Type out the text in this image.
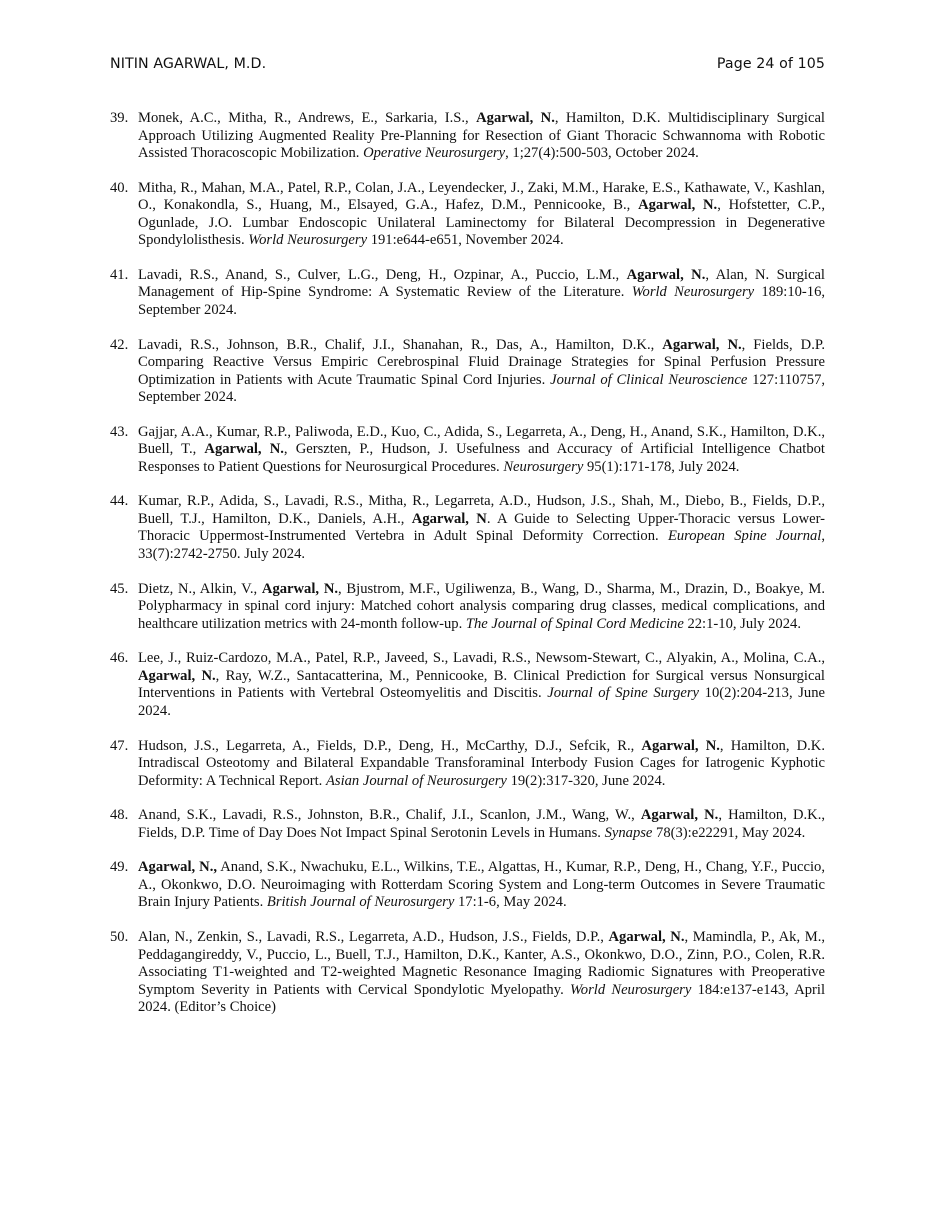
NITIN AGARWAL, M.D.	Page 24 of 105
39. Monek, A.C., Mitha, R., Andrews, E., Sarkaria, I.S., Agarwal, N., Hamilton, D.K. Multidisciplinary Surgical Approach Utilizing Augmented Reality Pre-Planning for Resection of Giant Thoracic Schwannoma with Robotic Assisted Thoracoscopic Mobilization. Operative Neurosurgery, 1;27(4):500-503, October 2024.
40. Mitha, R., Mahan, M.A., Patel, R.P., Colan, J.A., Leyendecker, J., Zaki, M.M., Harake, E.S., Kathawate, V., Kashlan, O., Konakondla, S., Huang, M., Elsayed, G.A., Hafez, D.M., Pennicooke, B., Agarwal, N., Hofstetter, C.P., Ogunlade, J.O. Lumbar Endoscopic Unilateral Laminectomy for Bilateral Decompression in Degenerative Spondylolisthesis. World Neurosurgery 191:e644-e651, November 2024.
41. Lavadi, R.S., Anand, S., Culver, L.G., Deng, H., Ozpinar, A., Puccio, L.M., Agarwal, N., Alan, N. Surgical Management of Hip-Spine Syndrome: A Systematic Review of the Literature. World Neurosurgery 189:10-16, September 2024.
42. Lavadi, R.S., Johnson, B.R., Chalif, J.I., Shanahan, R., Das, A., Hamilton, D.K., Agarwal, N., Fields, D.P. Comparing Reactive Versus Empiric Cerebrospinal Fluid Drainage Strategies for Spinal Perfusion Pressure Optimization in Patients with Acute Traumatic Spinal Cord Injuries. Journal of Clinical Neuroscience 127:110757, September 2024.
43. Gajjar, A.A., Kumar, R.P., Paliwoda, E.D., Kuo, C., Adida, S., Legarreta, A., Deng, H., Anand, S.K., Hamilton, D.K., Buell, T., Agarwal, N., Gerszten, P., Hudson, J. Usefulness and Accuracy of Artificial Intelligence Chatbot Responses to Patient Questions for Neurosurgical Procedures. Neurosurgery 95(1):171-178, July 2024.
44. Kumar, R.P., Adida, S., Lavadi, R.S., Mitha, R., Legarreta, A.D., Hudson, J.S., Shah, M., Diebo, B., Fields, D.P., Buell, T.J., Hamilton, D.K., Daniels, A.H., Agarwal, N. A Guide to Selecting Upper-Thoracic versus Lower-Thoracic Uppermost-Instrumented Vertebra in Adult Spinal Deformity Correction. European Spine Journal, 33(7):2742-2750. July 2024.
45. Dietz, N., Alkin, V., Agarwal, N., Bjustrom, M.F., Ugiliwenza, B., Wang, D., Sharma, M., Drazin, D., Boakye, M. Polypharmacy in spinal cord injury: Matched cohort analysis comparing drug classes, medical complications, and healthcare utilization metrics with 24-month follow-up. The Journal of Spinal Cord Medicine 22:1-10, July 2024.
46. Lee, J., Ruiz-Cardozo, M.A., Patel, R.P., Javeed, S., Lavadi, R.S., Newsom-Stewart, C., Alyakin, A., Molina, C.A., Agarwal, N., Ray, W.Z., Santacatterina, M., Pennicooke, B. Clinical Prediction for Surgical versus Nonsurgical Interventions in Patients with Vertebral Osteomyelitis and Discitis. Journal of Spine Surgery 10(2):204-213, June 2024.
47. Hudson, J.S., Legarreta, A., Fields, D.P., Deng, H., McCarthy, D.J., Sefcik, R., Agarwal, N., Hamilton, D.K. Intradiscal Osteotomy and Bilateral Expandable Transforaminal Interbody Fusion Cages for Iatrogenic Kyphotic Deformity: A Technical Report. Asian Journal of Neurosurgery 19(2):317-320, June 2024.
48. Anand, S.K., Lavadi, R.S., Johnston, B.R., Chalif, J.I., Scanlon, J.M., Wang, W., Agarwal, N., Hamilton, D.K., Fields, D.P. Time of Day Does Not Impact Spinal Serotonin Levels in Humans. Synapse 78(3):e22291, May 2024.
49. Agarwal, N., Anand, S.K., Nwachuku, E.L., Wilkins, T.E., Algattas, H., Kumar, R.P., Deng, H., Chang, Y.F., Puccio, A., Okonkwo, D.O. Neuroimaging with Rotterdam Scoring System and Long-term Outcomes in Severe Traumatic Brain Injury Patients. British Journal of Neurosurgery 17:1-6, May 2024.
50. Alan, N., Zenkin, S., Lavadi, R.S., Legarreta, A.D., Hudson, J.S., Fields, D.P., Agarwal, N., Mamindla, P., Ak, M., Peddagangireddy, V., Puccio, L., Buell, T.J., Hamilton, D.K., Kanter, A.S., Okonkwo, D.O., Zinn, P.O., Colen, R.R. Associating T1-weighted and T2-weighted Magnetic Resonance Imaging Radiomic Signatures with Preoperative Symptom Severity in Patients with Cervical Spondylotic Myelopathy. World Neurosurgery 184:e137-e143, April 2024. (Editor’s Choice)
